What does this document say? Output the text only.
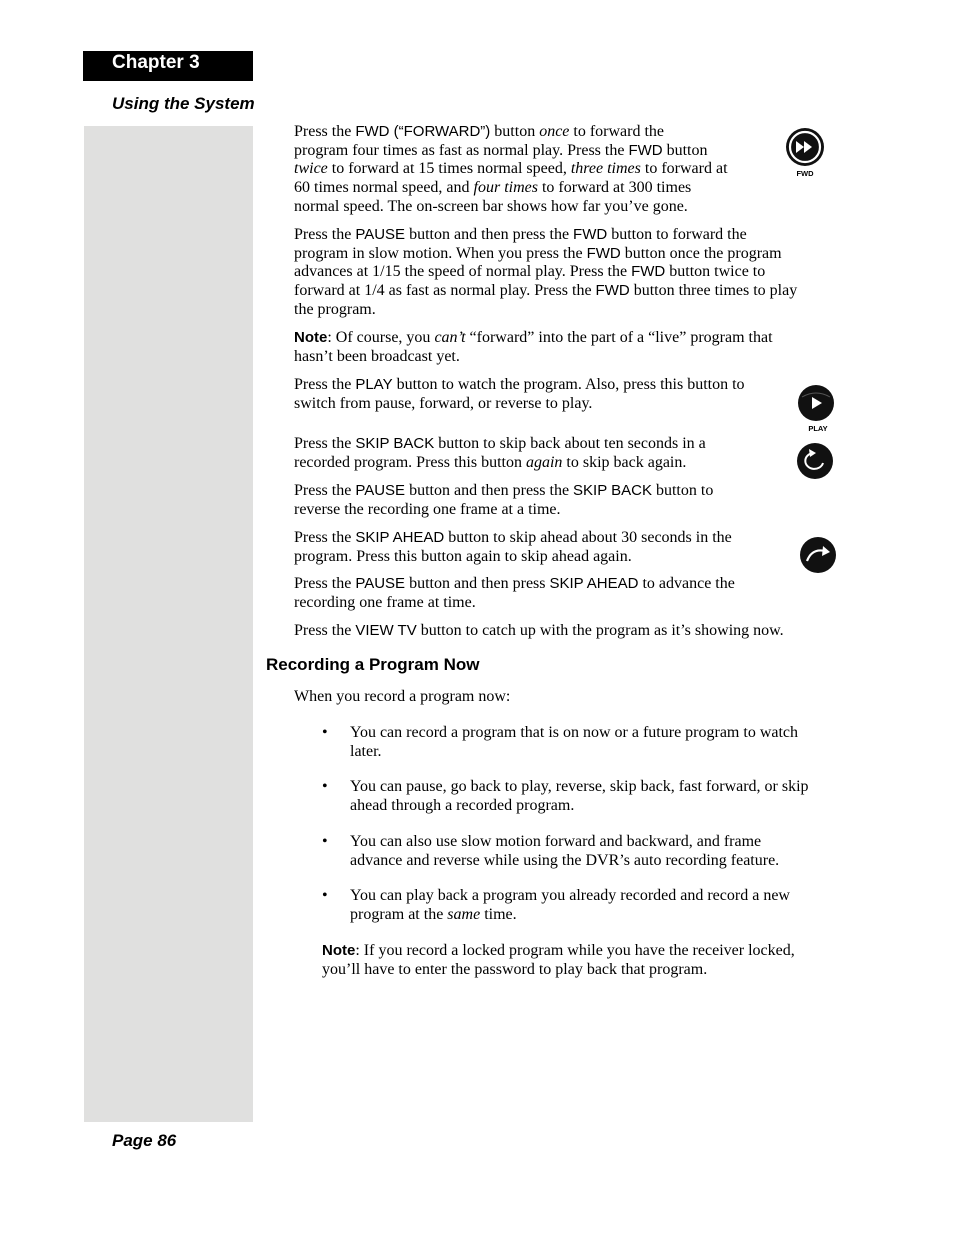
Chapter 3
Using the System
Press the FWD (“FORWARD”) button once to forward the
program four times as fast as normal play. Press the FWD button
twice to forward at 15 times normal speed, three times to forward at
60 times normal speed, and four times to forward at 300 times
normal speed. The on-screen bar shows how far you’ve gone.
FWD
Press the PAUSE button and then press the FWD button to forward the
program in slow motion. When you press the FWD button once the program
advances at 1/15 the speed of normal play. Press the FWD button twice to
forward at 1/4 as fast as normal play. Press the FWD button three times to play
the program.
Note: Of course, you can’t “forward” into the part of a “live” program that
hasn’t been broadcast yet.
Press the PLAY button to watch the program. Also, press this button to
switch from pause, forward, or reverse to play.
PLAY
Press the SKIP BACK button to skip back about ten seconds in a
recorded program. Press this button again to skip back again.
Press the PAUSE button and then press the SKIP BACK button to
reverse the recording one frame at a time.
Press the SKIP AHEAD button to skip ahead about 30 seconds in the
program. Press this button again to skip ahead again.
Press the PAUSE button and then press SKIP AHEAD to advance the
recording one frame at time.
Press the VIEW TV button to catch up with the program as it’s showing now.
Recording a Program Now
When you record a program now:
• You can record a program that is on now or a future program to watch
later.
• You can pause, go back to play, reverse, skip back, fast forward, or skip
ahead through a recorded program.
• You can also use slow motion forward and backward, and frame
advance and reverse while using the DVR’s auto recording feature.
• You can play back a program you already recorded and record a new
program at the same time.
Note: If you record a locked program while you have the receiver locked,
you’ll have to enter the password to play back that program.
Page 86
